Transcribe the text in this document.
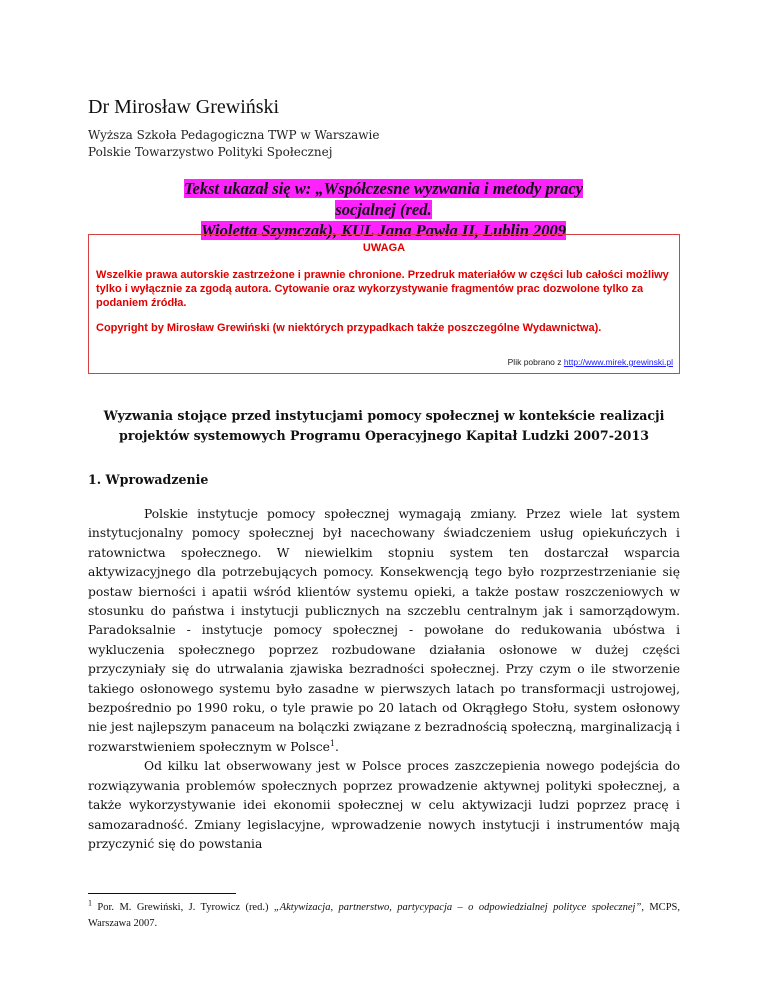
Dr Mirosław Grewiński

Wyższa Szkoła Pedagogiczna TWP w Warszawie

Polskie Towarzystwo Polityki Społecznej

Tekst ukazał się w: „Współczesne wyzwania i metody pracy socjalnej (red.
Wioletta Szymczak), KUL Jana Pawła II, Lublin 2009
UWAGA
Wszelkie prawa autorskie zastrzeżone i prawnie chronione. Przedruk materiałów w części lub całości możliwy tylko i wyłącznie za zgodą autora. Cytowanie oraz wykorzystywanie fragmentów prac dozwolone tylko za podaniem źródła.
Copyright by Mirosław Grewiński (w niektórych przypadkach także poszczególne Wydawnictwa).
Plik pobrano z http://www.mirek.grewinski.pl
Wyzwania stojące przed instytucjami pomocy społecznej w kontekście realizacji projektów systemowych Programu Operacyjnego Kapitał Ludzki 2007-2013
1. Wprowadzenie

Polskie instytucje pomocy społecznej wymagają zmiany. Przez wiele lat system instytucjonalny pomocy społecznej był nacechowany świadczeniem usług opiekuńczych i ratownictwa społecznego. W niewielkim stopniu system ten dostarczał wsparcia aktywizacyjnego dla potrzebujących pomocy. Konsekwencją tego było rozprzestrzenianie się postaw bierności i apatii wśród klientów systemu opieki, a także postaw roszczeniowych w stosunku do państwa i instytucji publicznych na szczeblu centralnym jak i samorządowym. Paradoksalnie - instytucje pomocy społecznej - powołane do redukowania ubóstwa i wykluczenia społecznego poprzez rozbudowane działania osłonowe w dużej części przyczyniały się do utrwalania zjawiska bezradności społecznej. Przy czym o ile stworzenie takiego osłonowego systemu było zasadne w pierwszych latach po transformacji ustrojowej, bezpośrednio po 1990 roku, o tyle prawie po 20 latach od Okrągłego Stołu, system osłonowy nie jest najlepszym panaceum na bolączki związane z bezradnością społeczną, marginalizacją i rozwarstwieniem społecznym w Polsce$^1$.

Od kilku lat obserwowany jest w Polsce proces zaszczepienia nowego podejścia do rozwiązywania problemów społecznych poprzez prowadzenie aktywnej polityki społecznej, a także wykorzystywanie idei ekonomii społecznej w celu aktywizacji ludzi poprzez pracę i samozaradność. Zmiany legislacyjne, wprowadzenie nowych instytucji i instrumentów mają przyczynić się do powstania

$^1$ Por. M. Grewiński, J. Tyrowicz (red.) „Aktywizacja, partnerstwo, partycypacja – o odpowiedzialnej polityce społecznej”, MCPS, Warszawa 2007.
